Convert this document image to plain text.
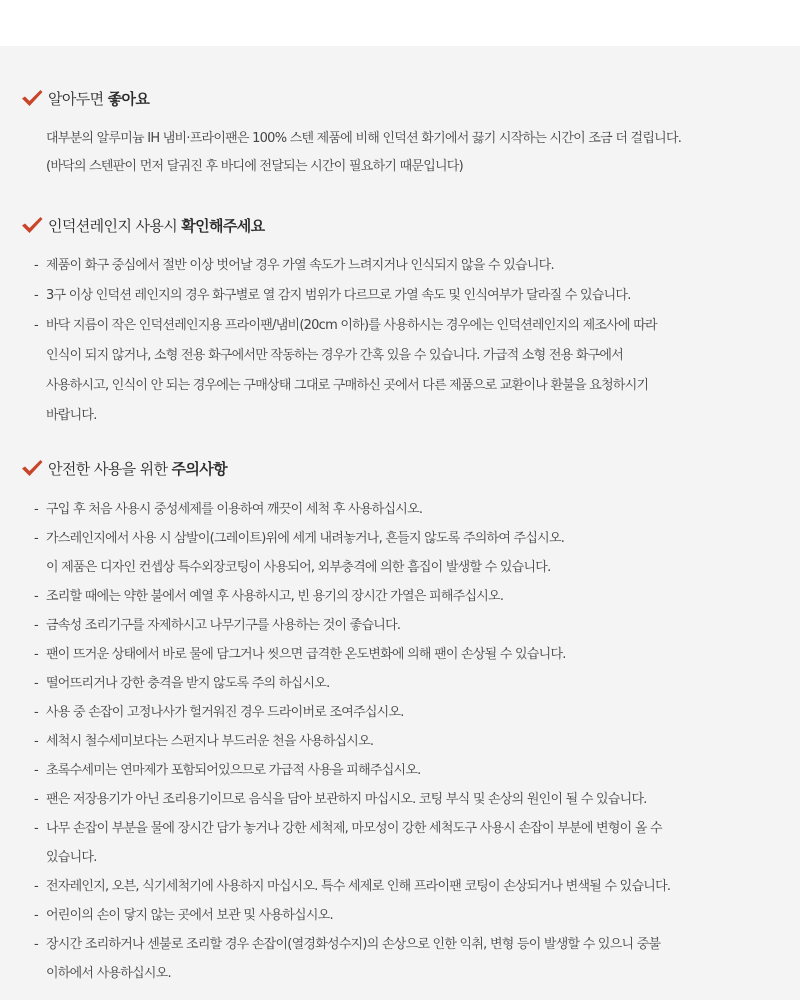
알아두면 좋아요
대부분의 알루미늄 IH 냄비·프라이팬은 100% 스텐 제품에 비해 인덕션 화기에서 끓기 시작하는 시간이 조금 더 걸립니다.
(바닥의 스텐판이 먼저 달궈진 후 바디에 전달되는 시간이 필요하기 때문입니다)
인덕션레인지 사용시 확인해주세요
- 제품이 화구 중심에서 절반 이상 벗어날 경우 가열 속도가 느려지거나 인식되지 않을 수 있습니다.
- 3구 이상 인덕션 레인지의 경우 화구별로 열 감지 범위가 다르므로 가열 속도 및 인식여부가 달라질 수 있습니다.
- 바닥 지름이 작은 인덕션레인지용 프라이팬/냄비(20cm 이하)를 사용하시는 경우에는 인덕션레인지의 제조사에 따라
인식이 되지 않거나, 소형 전용 화구에서만 작동하는 경우가 간혹 있을 수 있습니다. 가급적 소형 전용 화구에서
사용하시고, 인식이 안 되는 경우에는 구매상태 그대로 구매하신 곳에서 다른 제품으로 교환이나 환불을 요청하시기
바랍니다.
안전한 사용을 위한 주의사항
- 구입 후 처음 사용시 중성세제를 이용하여 깨끗이 세척 후 사용하십시오.
- 가스레인지에서 사용 시 삼발이(그레이트)위에 세게 내려놓거나, 흔들지 않도록 주의하여 주십시오.
이 제품은 디자인 컨셉상 특수외장코팅이 사용되어, 외부충격에 의한 흠집이 발생할 수 있습니다.
- 조리할 때에는 약한 불에서 예열 후 사용하시고, 빈 용기의 장시간 가열은 피해주십시오.
- 금속성 조리기구를 자제하시고 나무기구를 사용하는 것이 좋습니다.
- 팬이 뜨거운 상태에서 바로 물에 담그거나 씻으면 급격한 온도변화에 의해 팬이 손상될 수 있습니다.
- 떨어뜨리거나 강한 충격을 받지 않도록 주의 하십시오.
- 사용 중 손잡이 고정나사가 헐거워진 경우 드라이버로 조여주십시오.
- 세척시 철수세미보다는 스펀지나 부드러운 천을 사용하십시오.
- 초록수세미는 연마제가 포함되어있으므로 가급적 사용을 피해주십시오.
- 팬은 저장용기가 아닌 조리용기이므로 음식을 담아 보관하지 마십시오. 코팅 부식 및 손상의 원인이 될 수 있습니다.
- 나무 손잡이 부분을 물에 장시간 담가 놓거나 강한 세척제, 마모성이 강한 세척도구 사용시 손잡이 부분에 변형이 올 수
있습니다.
- 전자레인지, 오븐, 식기세척기에 사용하지 마십시오. 특수 세제로 인해 프라이팬 코팅이 손상되거나 변색될 수 있습니다.
- 어린이의 손이 닿지 않는 곳에서 보관 및 사용하십시오.
- 장시간 조리하거나 센불로 조리할 경우 손잡이(열경화성수지)의 손상으로 인한 익취, 변형 등이 발생할 수 있으니 중불
이하에서 사용하십시오.
